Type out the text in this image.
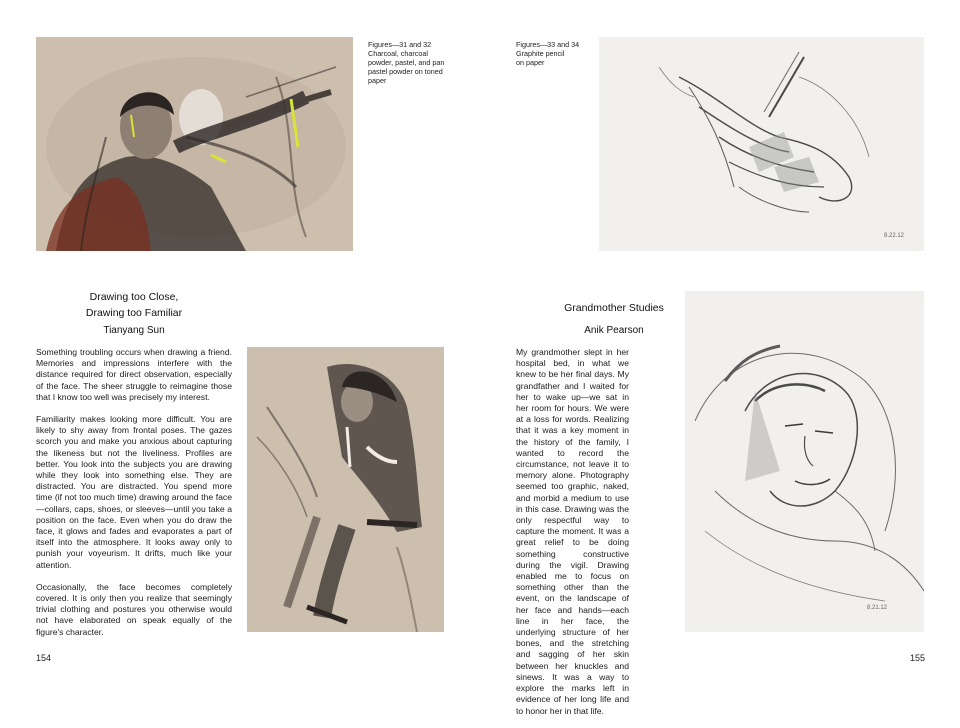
Figures—31 and 32
Charcoal, charcoal
powder, pastel, and pan
pastel powder on toned
paper
Drawing too Close,
Drawing too Familiar
Tianyang Sun

Something troubling occurs when drawing a friend. Memories and impressions interfere with the distance required for direct observation, especially of the face. The sheer struggle to reimagine those that I know too well was precisely my interest.

Familiarity makes looking more difficult. You are likely to shy away from frontal poses. The gazes scorch you and make you anxious about capturing the likeness but not the liveliness. Profiles are better. You look into the subjects you are drawing while they look into something else. They are distracted. You are distracted. You spend more time (if not too much time) drawing around the face—collars, caps, shoes, or sleeves—until you take a position on the face. Even when you do draw the face, it glows and fades and evaporates a part of itself into the atmosphere. It looks away only to punish your voyeurism. It drifts, much like your attention.

Occasionally, the face becomes completely covered. It is only then you realize that seemingly trivial clothing and postures you otherwise would not have elaborated on speak equally of the figure's character.

154
Figures—33 and 34
Graphite pencil
on paper
8.22.12
Grandmother Studies
Anik Pearson

My grandmother slept in her hospital bed, in what we knew to be her final days. My grandfather and I waited for her to wake up—we sat in her room for hours. We were at a loss for words. Realizing that it was a key moment in the history of the family, I wanted to record the circumstance, not leave it to memory alone. Photography seemed too graphic, naked, and morbid a medium to use in this case. Drawing was the only respectful way to capture the moment. It was a great relief to be doing something constructive during the vigil. Drawing enabled me to focus on something other than the event, on the landscape of her face and hands—each line in her face, the underlying structure of her bones, and the stretching and sagging of her skin between her knuckles and sinews. It was a way to explore the marks left in evidence of her long life and to honor her in that life.

8.21.12
155
